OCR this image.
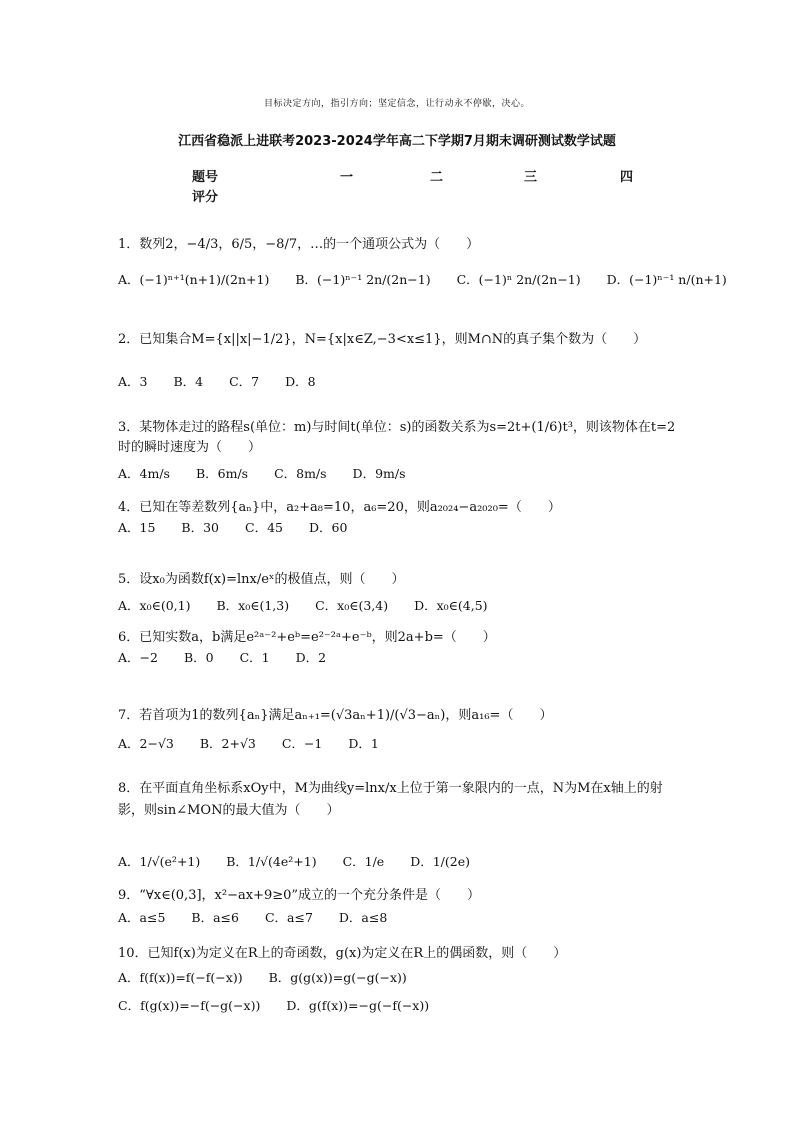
目标决定方向，指引方向；坚定信念，让行动永不停歇，决心。
江西省稳派上进联考2023-2024学年高二下学期7月期末调研测试数学试题
题号	一	二	三	四
评分
1．数列2，−4/3，6/5，−8/7，…的一个通项公式为（　　）
A．(−1)ⁿ⁺¹(n+1)/(2n+1) B．(−1)ⁿ⁻¹ 2n/(2n−1) C．(−1)ⁿ 2n/(2n−1) D．(−1)ⁿ⁻¹ n/(n+1)
2．已知集合M={x||x|−1/2}，N={x|x∈Z,−3<x≤1}，则M∩N的真子集个数为（　　）
A．3 B．4 C．7 D．8
3．某物体走过的路程s(单位：m)与时间t(单位：s)的函数关系为s=2t+(1/6)t³，则该物体在t=2时的瞬时速度为（　　）
A．4m/s B．6m/s C．8m/s D．9m/s
4．已知在等差数列{aₙ}中，a₂+a₈=10，a₆=20，则a₂₀₂₄−a₂₀₂₀=（　　）
A．15 B．30 C．45 D．60
5．设x₀为函数f(x)=lnx/eˣ的极值点，则（　　）
A．x₀∈(0,1) B．x₀∈(1,3) C．x₀∈(3,4) D．x₀∈(4,5)
6．已知实数a，b满足e²ᵃ⁻²+eᵇ=e²⁻²ᵃ+e⁻ᵇ，则2a+b=（　　）
A．−2 B．0 C．1 D．2
7．若首项为1的数列{aₙ}满足aₙ₊₁=(√3aₙ+1)/(√3−aₙ)，则a₁₆=（　　）
A．2−√3 B．2+√3 C．−1 D．1
8．在平面直角坐标系xOy中，M为曲线y=lnx/x上位于第一象限内的一点，N为M在x轴上的射影，则sin∠MON的最大值为（　　）
A．1/√(e²+1) B．1/√(4e²+1) C．1/e D．1/(2e)
9．“∀x∈(0,3]，x²−ax+9≥0”成立的一个充分条件是（　　）
A．a≤5 B．a≤6 C．a≤7 D．a≤8
10．已知f(x)为定义在R上的奇函数，g(x)为定义在R上的偶函数，则（　　）
A．f(f(x))=f(−f(−x)) B．g(g(x))=g(−g(−x))
C．f(g(x))=−f(−g(−x)) D．g(f(x))=−g(−f(−x))
